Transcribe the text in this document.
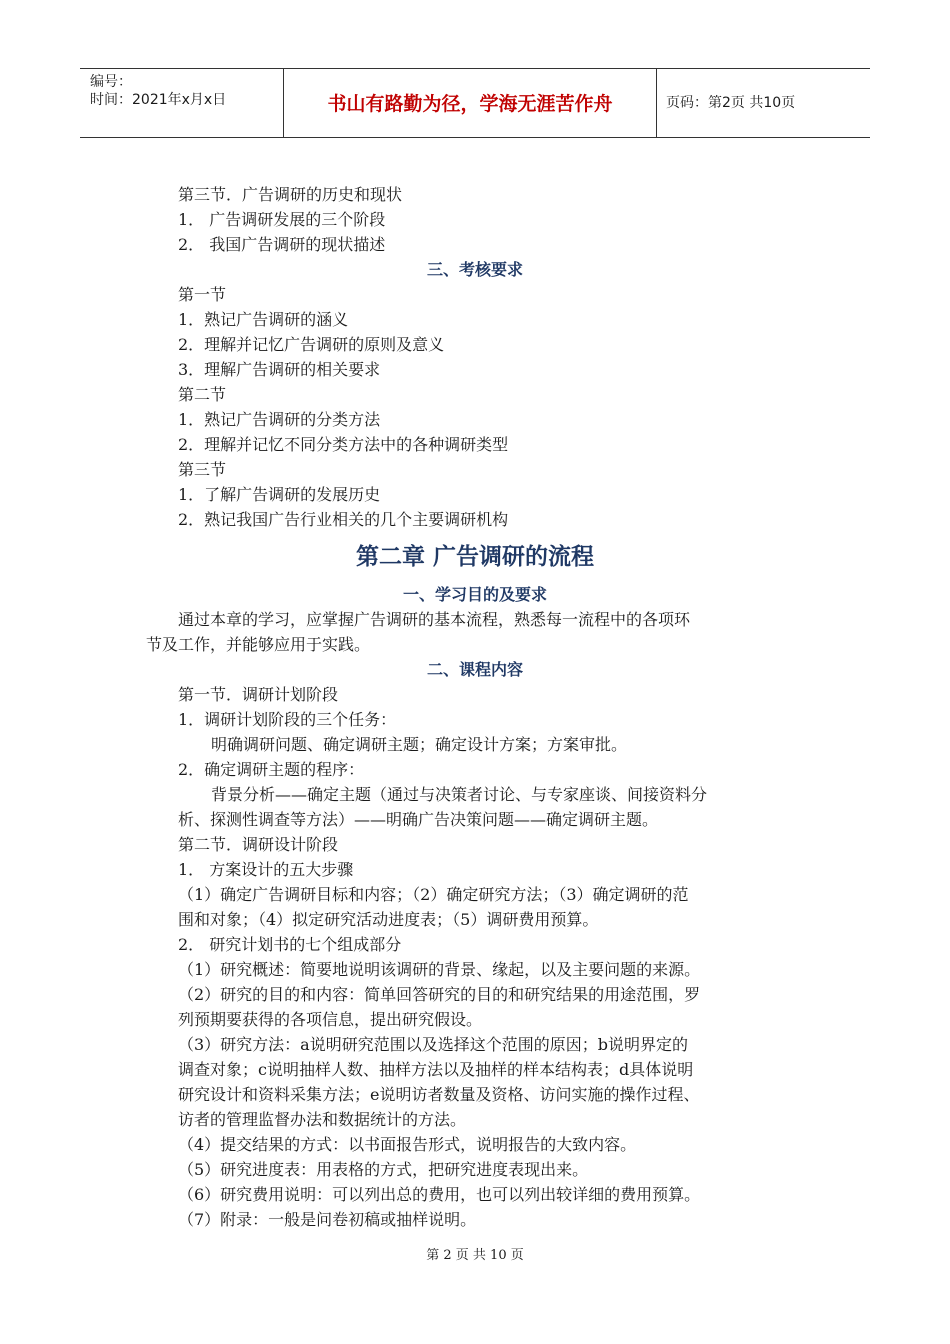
编号：
时间：2021年x月x日	书山有路勤为径，学海无涯苦作舟	页码：第2页 共10页
第三节．广告调研的历史和现状
1． 广告调研发展的三个阶段
2． 我国广告调研的现状描述
三、考核要求
第一节
1．熟记广告调研的涵义
2．理解并记忆广告调研的原则及意义
3．理解广告调研的相关要求
第二节
1．熟记广告调研的分类方法
2．理解并记忆不同分类方法中的各种调研类型
第三节
1．了解广告调研的发展历史
2．熟记我国广告行业相关的几个主要调研机构
第二章 广告调研的流程
一、学习目的及要求
通过本章的学习，应掌握广告调研的基本流程，熟悉每一流程中的各项环
节及工作，并能够应用于实践。
二、课程内容
第一节．调研计划阶段
1．调研计划阶段的三个任务：
明确调研问题、确定调研主题；确定设计方案；方案审批。
2．确定调研主题的程序：
背景分析——确定主题（通过与决策者讨论、与专家座谈、间接资料分
析、探测性调查等方法）——明确广告决策问题——确定调研主题。
第二节．调研设计阶段
1． 方案设计的五大步骤
（1）确定广告调研目标和内容；（2）确定研究方法；（3）确定调研的范
围和对象；（4）拟定研究活动进度表；（5）调研费用预算。
2． 研究计划书的七个组成部分
（1）研究概述：简要地说明该调研的背景、缘起，以及主要问题的来源。
（2）研究的目的和内容：简单回答研究的目的和研究结果的用途范围，罗
列预期要获得的各项信息，提出研究假设。
（3）研究方法：a说明研究范围以及选择这个范围的原因；b说明界定的
调查对象；c说明抽样人数、抽样方法以及抽样的样本结构表；d具体说明
研究设计和资料采集方法；e说明访者数量及资格、访问实施的操作过程、
访者的管理监督办法和数据统计的方法。
（4）提交结果的方式：以书面报告形式，说明报告的大致内容。
（5）研究进度表：用表格的方式，把研究进度表现出来。
（6）研究费用说明：可以列出总的费用，也可以列出较详细的费用预算。
（7）附录：一般是问卷初稿或抽样说明。
第 2 页 共 10 页
